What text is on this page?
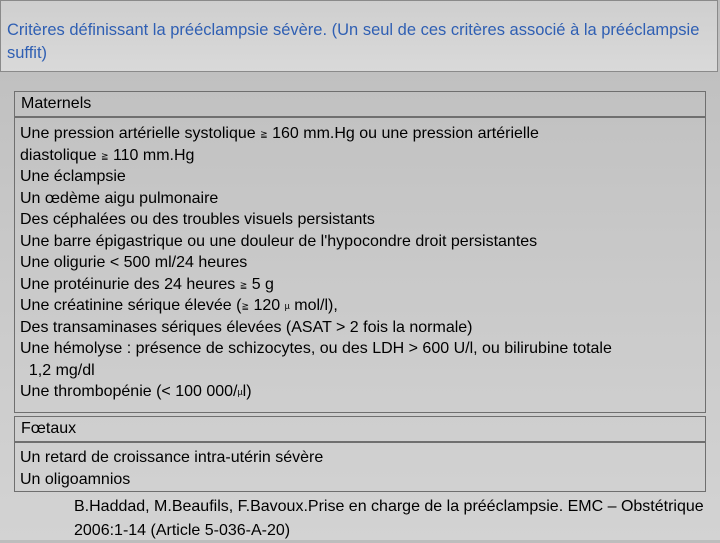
Critères définissant la prééclampsie sévère. (Un seul de ces critères associé à la prééclampsie suffit)
Maternels
Fœtaux
Une pression artérielle systolique ≧ 160 mm.Hg ou une pression artérielle
diastolique ≧ 110 mm.Hg
Une éclampsie
Un œdème aigu pulmonaire
Des céphalées ou des troubles visuels persistants
Une barre épigastrique ou une douleur de l'hypocondre droit persistantes
Une oligurie < 500 ml/24 heures
Une protéinurie des 24 heures ≧ 5 g
Une créatinine sérique élevée (≧ 120 µ mol/l),
Des transaminases sériques élevées (ASAT > 2 fois la normale)
Une hémolyse : présence de schizocytes, ou des LDH > 600 U/l, ou bilirubine totale
1,2 mg/dl
Une thrombopénie (< 100 000/µl)
Un retard de croissance intra-utérin sévère
Un oligoamnios
B.Haddad, M.Beaufils, F.Bavoux.Prise en charge de la prééclampsie. EMC – Obstétrique 2006:1-14 (Article 5-036-A-20)
